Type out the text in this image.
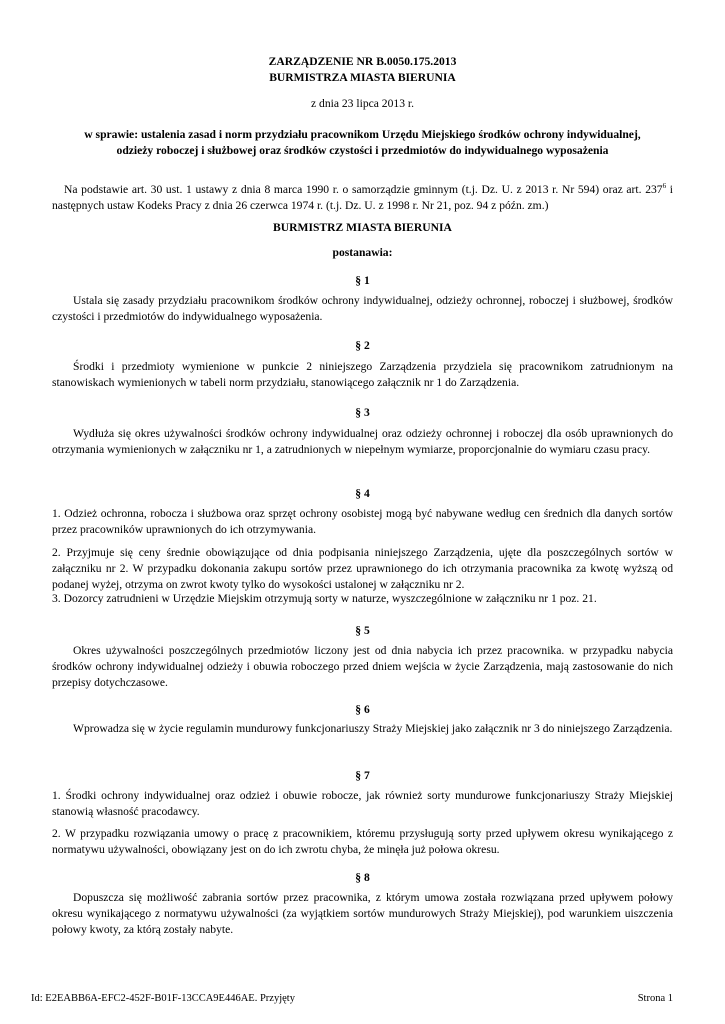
ZARZĄDZENIE NR B.0050.175.2013
BURMISTRZA MIASTA BIERUNIA
z dnia 23 lipca 2013 r.
w sprawie: ustalenia zasad i norm przydziału pracownikom Urzędu Miejskiego środków ochrony indywidualnej,
odzieży roboczej i służbowej oraz środków czystości i przedmiotów do indywidualnego wyposażenia

Na podstawie art. 30 ust. 1 ustawy z dnia 8 marca 1990 r. o samorządzie gminnym (t.j. Dz. U. z 2013 r. Nr 594) oraz art. $237^6$ i następnych ustaw Kodeks Pracy z dnia 26 czerwca 1974 r. (t.j. Dz. U. z 1998 r. Nr 21, poz. 94 z późn. zm.)

BURMISTRZ MIASTA BIERUNIA
postanawia:
§ 1

Ustala się zasady przydziału pracownikom środków ochrony indywidualnej, odzieży ochronnej, roboczej i służbowej, środków czystości i przedmiotów do indywidualnego wyposażenia.

§ 2

Środki i przedmioty wymienione w punkcie 2 niniejszego Zarządzenia przydziela się pracownikom zatrudnionym na stanowiskach wymienionych w tabeli norm przydziału, stanowiącego załącznik nr 1 do Zarządzenia.

§ 3

Wydłuża się okres używalności środków ochrony indywidualnej oraz odzieży ochronnej i roboczej dla osób uprawnionych do otrzymania wymienionych w załączniku nr 1, a zatrudnionych w niepełnym wymiarze, proporcjonalnie do wymiaru czasu pracy.

§ 4

1. Odzież ochronna, robocza i służbowa oraz sprzęt ochrony osobistej mogą być nabywane według cen średnich dla danych sortów przez pracowników uprawnionych do ich otrzymywania.

2. Przyjmuje się ceny średnie obowiązujące od dnia podpisania niniejszego Zarządzenia, ujęte dla poszczególnych sortów w załączniku nr 2. W przypadku dokonania zakupu sortów przez uprawnionego do ich otrzymania pracownika za kwotę wyższą od podanej wyżej, otrzyma on zwrot kwoty tylko do wysokości ustalonej w załączniku nr 2.

3. Dozorcy zatrudnieni w Urzędzie Miejskim otrzymują sorty w naturze, wyszczególnione w załączniku nr 1 poz. 21.

§ 5

Okres używalności poszczególnych przedmiotów liczony jest od dnia nabycia ich przez pracownika. w przypadku nabycia środków ochrony indywidualnej odzieży i obuwia roboczego przed dniem wejścia w życie Zarządzenia, mają zastosowanie do nich przepisy dotychczasowe.

§ 6

Wprowadza się w życie regulamin mundurowy funkcjonariuszy Straży Miejskiej jako załącznik nr 3 do niniejszego Zarządzenia.

§ 7

1. Środki ochrony indywidualnej oraz odzież i obuwie robocze, jak również sorty mundurowe funkcjonariuszy Straży Miejskiej stanowią własność pracodawcy.

2. W przypadku rozwiązania umowy o pracę z pracownikiem, któremu przysługują sorty przed upływem okresu wynikającego z normatywu używalności, obowiązany jest on do ich zwrotu chyba, że minęła już połowa okresu.

§ 8

Dopuszcza się możliwość zabrania sortów przez pracownika, z którym umowa została rozwiązana przed upływem połowy okresu wynikającego z normatywu używalności (za wyjątkiem sortów mundurowych Straży Miejskiej), pod warunkiem uiszczenia połowy kwoty, za którą zostały nabyte.

Id: E2EABB6A-EFC2-452F-B01F-13CCA9E446AE. Przyjęty	Strona 1
